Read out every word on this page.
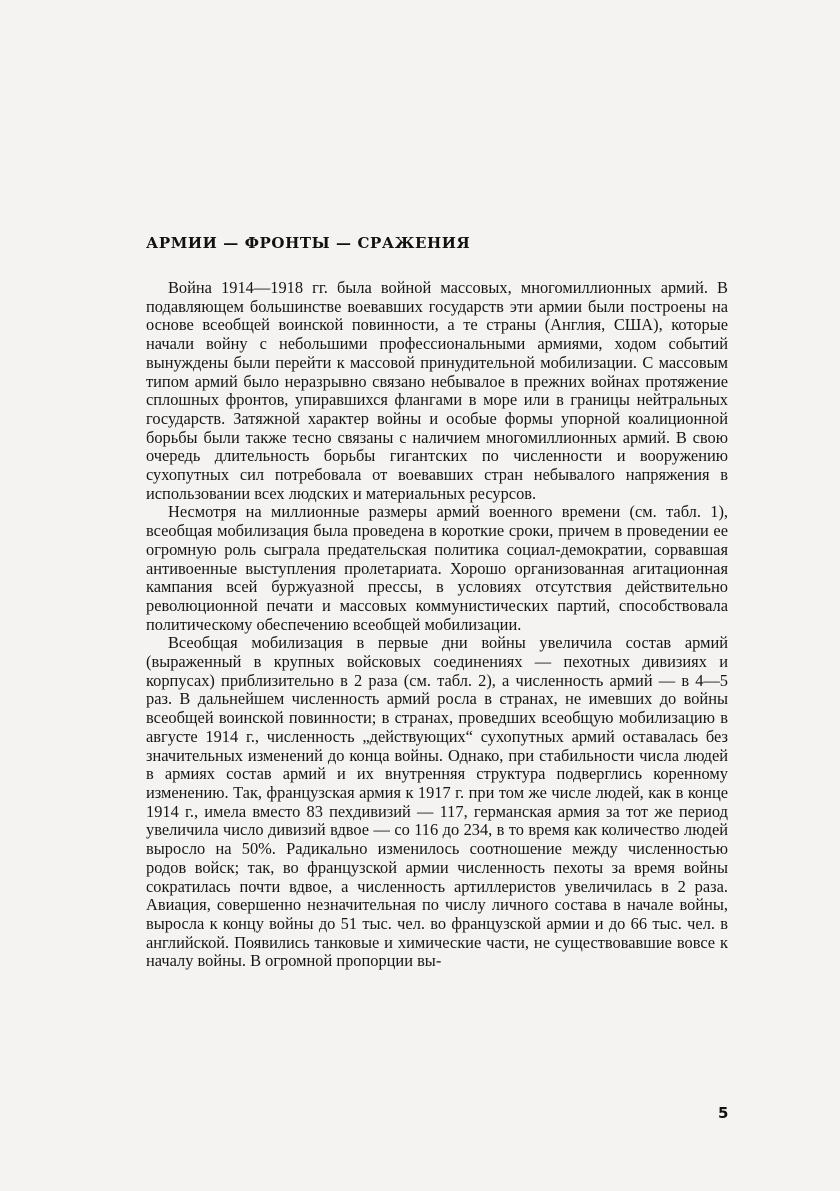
АРМИИ — ФРОНТЫ — СРАЖЕНИЯ

Война 1914—1918 гг. была войной массовых, многомиллионных армий. В подавляющем большинстве воевавших государств эти армии были построены на основе всеобщей воинской повинности, а те страны (Англия, США), которые начали войну с небольшими профессиональными армиями, ходом событий вынуждены были перейти к массовой принудительной мобилизации. С массовым типом армий было неразрывно связано небывалое в прежних войнах протяжение сплошных фронтов, упиравшихся флангами в море или в границы нейтральных государств. Затяжной характер войны и особые формы упорной коалиционной борьбы были также тесно связаны с наличием многомиллионных армий. В свою очередь длительность борьбы гигантских по численности и вооружению сухопутных сил потребовала от воевавших стран небывалого напряжения в использовании всех людских и материальных ресурсов.

Несмотря на миллионные размеры армий военного времени (см. табл. 1), всеобщая мобилизация была проведена в короткие сроки, причем в проведении ее огромную роль сыграла предательская политика социал-демократии, сорвавшая антивоенные выступления пролетариата. Хорошо организованная агитационная кампания всей буржуазной прессы, в условиях отсутствия действительно революционной печати и массовых коммунистических партий, способствовала политическому обеспечению всеобщей мобилизации.

Всеобщая мобилизация в первые дни войны увеличила состав армий (выраженный в крупных войсковых соединениях — пехотных дивизиях и корпусах) приблизительно в 2 раза (см. табл. 2), а численность армий — в 4—5 раз. В дальнейшем численность армий росла в странах, не имевших до войны всеобщей воинской повинности; в странах, проведших всеобщую мобилизацию в августе 1914 г., численность „действующих“ сухопутных армий оставалась без значительных изменений до конца войны. Однако, при стабильности числа людей в армиях состав армий и их внутренняя структура подверглись коренному изменению. Так, французская армия к 1917 г. при том же числе людей, как в конце 1914 г., имела вместо 83 пехдивизий — 117, германская армия за тот же период увеличила число дивизий вдвое — со 116 до 234, в то время как количество людей выросло на 50%. Радикально изменилось соотношение между численностью родов войск; так, во французской армии численность пехоты за время войны сократилась почти вдвое, а численность артиллеристов увеличилась в 2 раза. Авиация, совершенно незначительная по числу личного состава в начале войны, выросла к концу войны до 51 тыс. чел. во французской армии и до 66 тыс. чел. в английской. Появились танковые и химические части, не существовавшие вовсе к началу войны. В огромной пропорции вы-

5
